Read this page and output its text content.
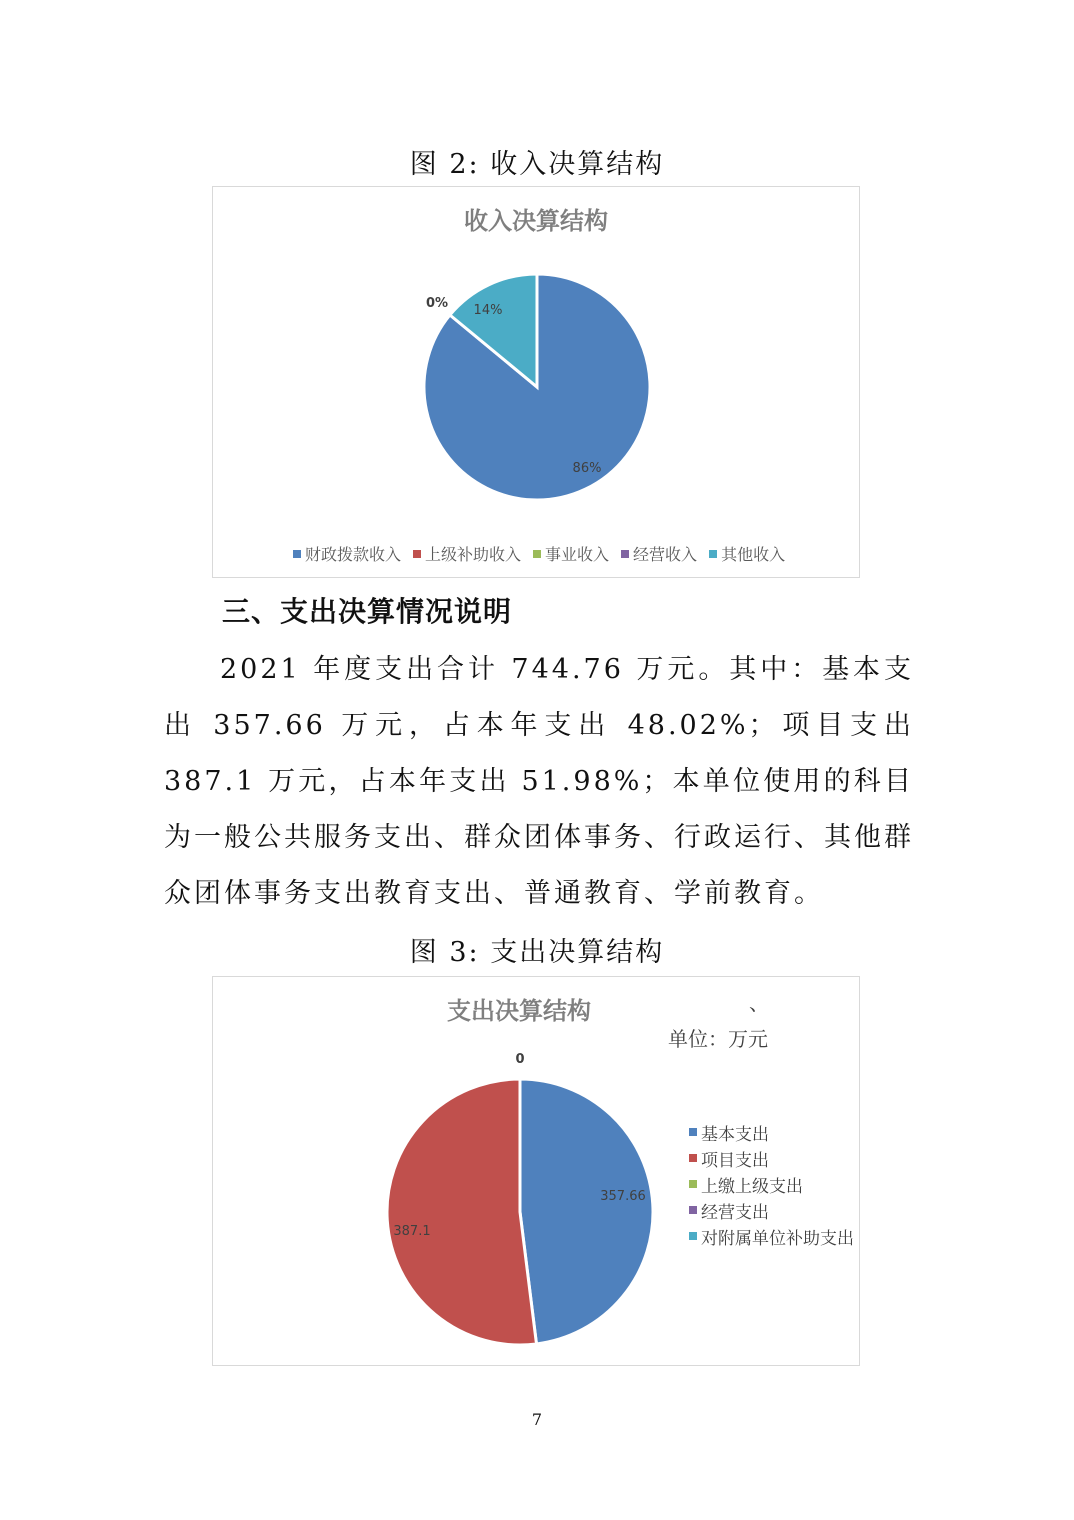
图 2: 收入决算结构
收入决算结构
86%
0% 14%
财政拨款收入 上级补助收入 事业收入 经营收入 其他收入
三、支出决算情况说明
2021 年度支出合计 744.76 万元。其中：基本支出 357.66 万元，占本年支出 48.02%；项目支出 387.1 万元，占本年支出 51.98%；本单位使用的科目为一般公共服务支出、群众团体事务、行政运行、其他群众团体事务支出教育支出、普通教育、学前教育。
图 3: 支出决算结构
支出决算结构	、
单位：万元
357.66
387.1
0
基本支出
项目支出
上缴上级支出
经营支出
对附属单位补助支出
7
